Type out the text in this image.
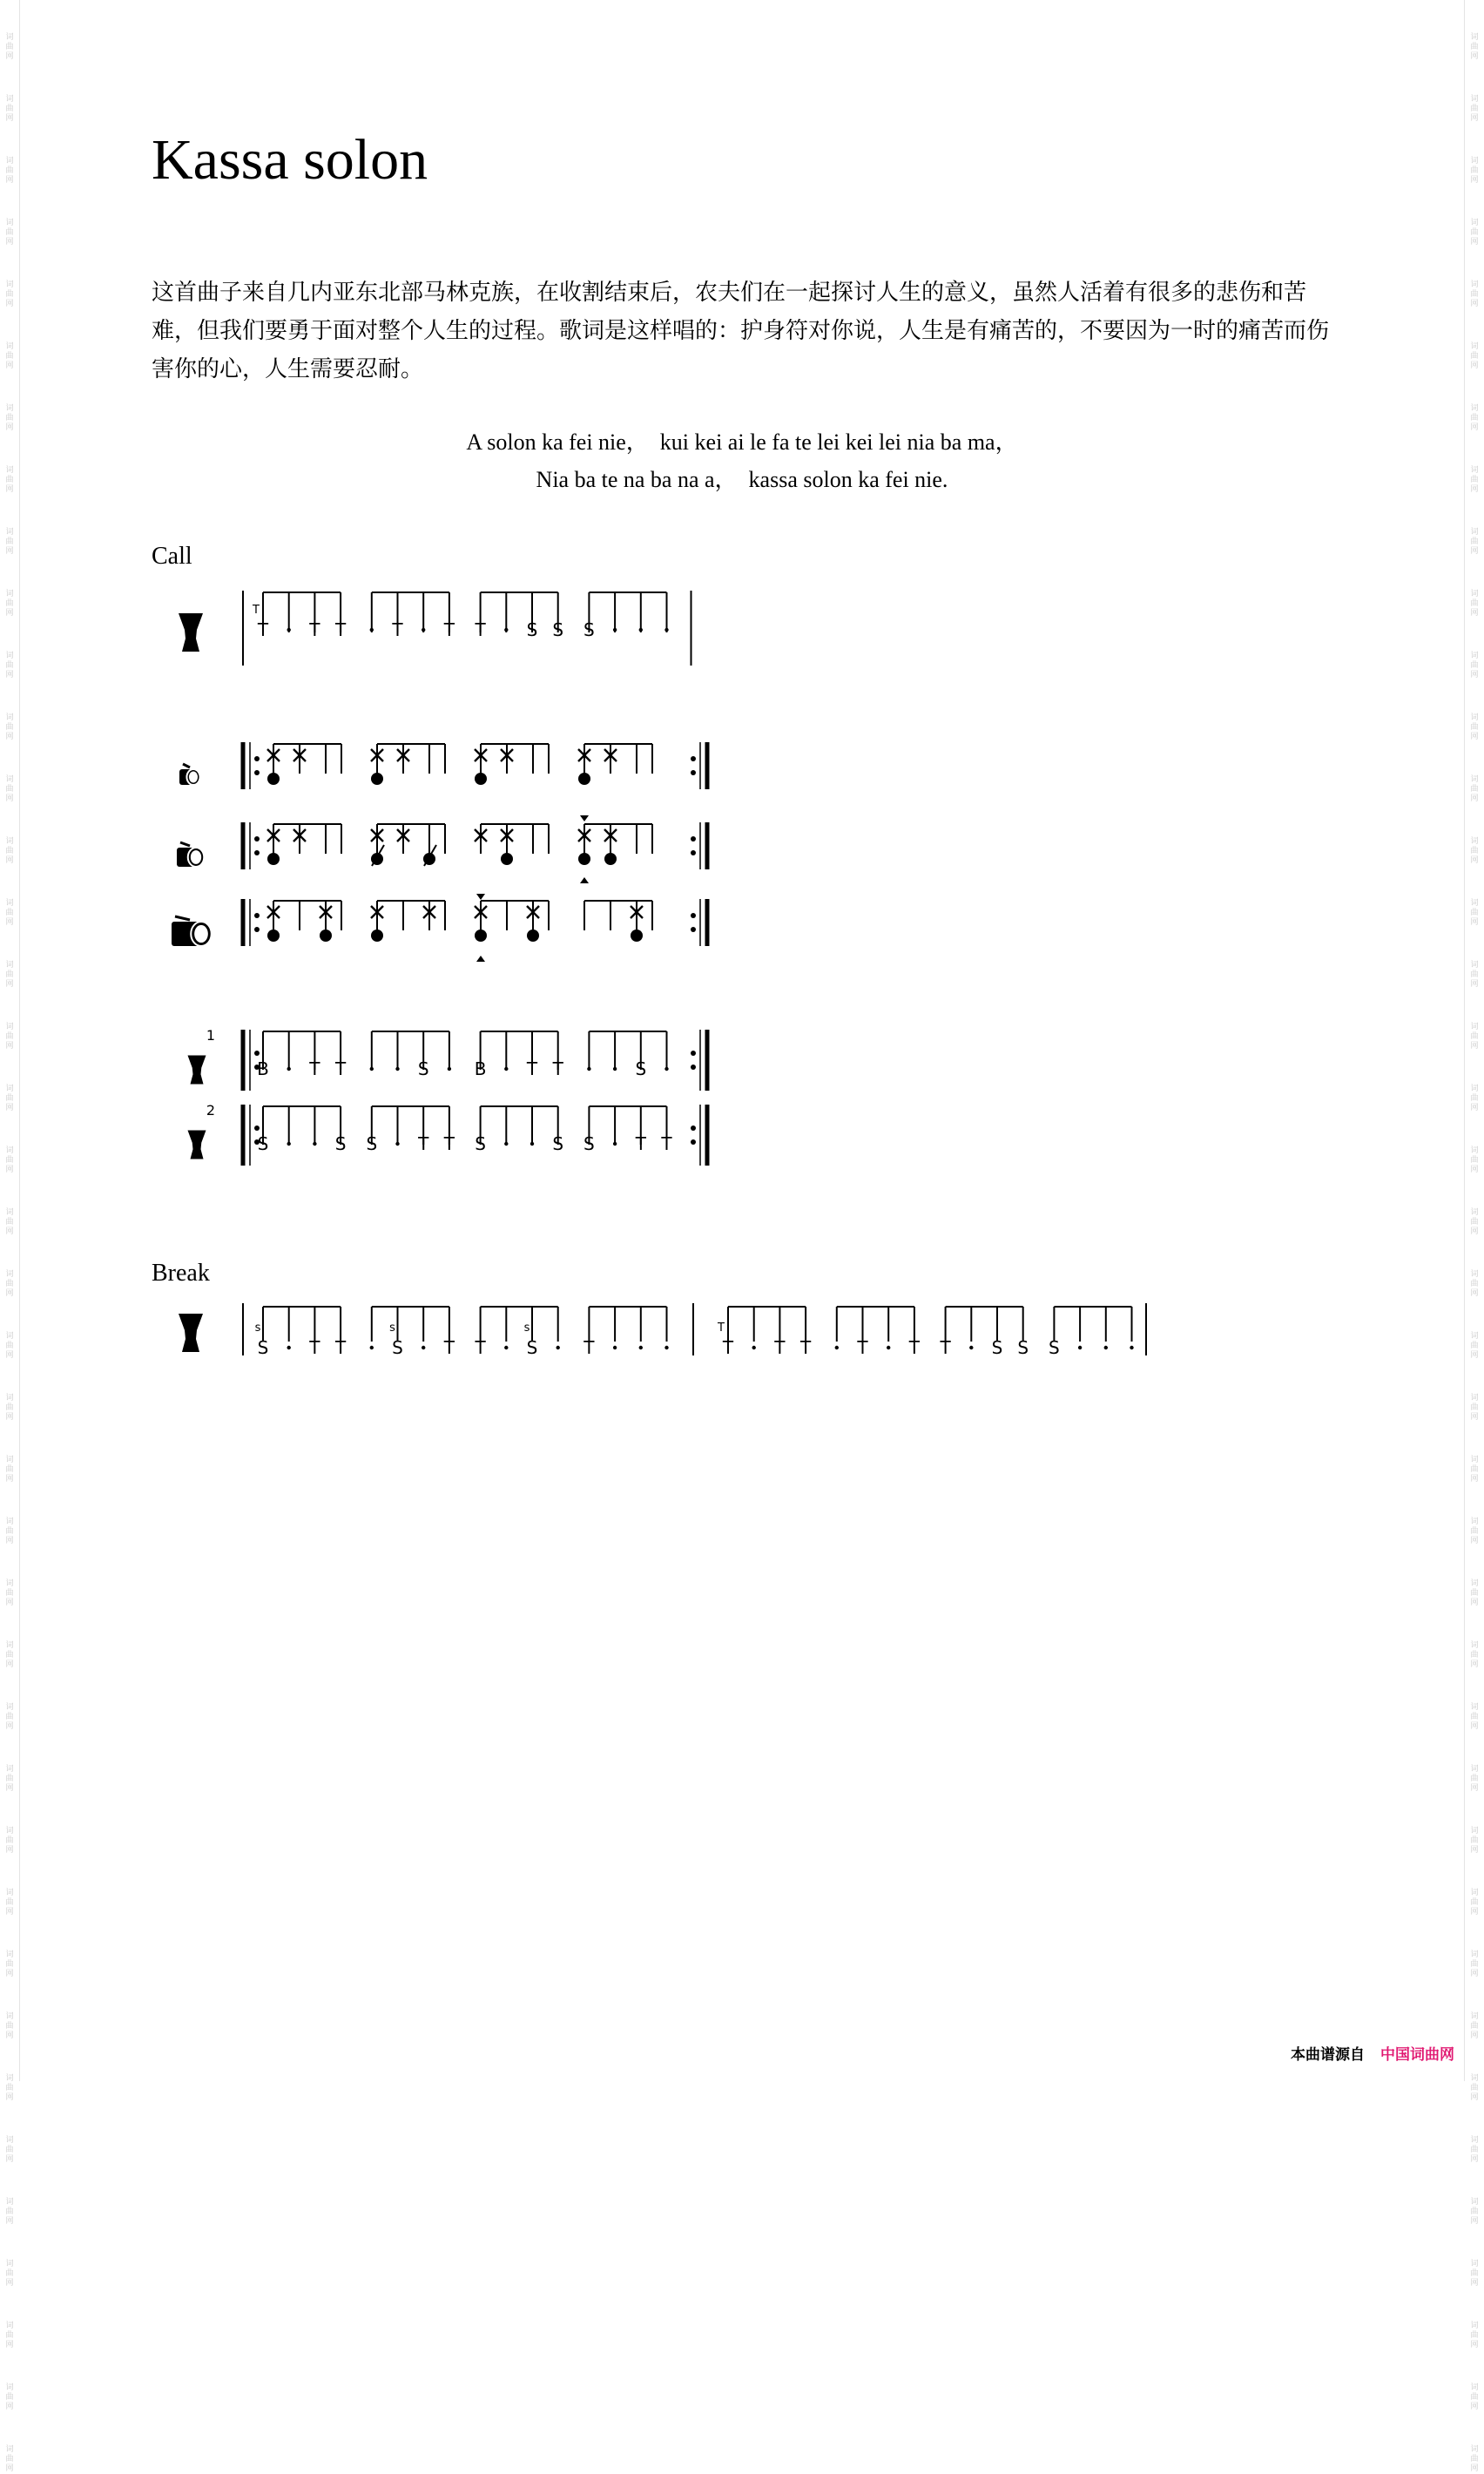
词曲网
词曲网
词曲网
词曲网
词曲网
词曲网
词曲网
词曲网
词曲网
词曲网
词曲网
词曲网
词曲网
词曲网
词曲网
词曲网
词曲网
词曲网
词曲网
词曲网
词曲网
词曲网
词曲网
词曲网
词曲网
词曲网
词曲网
词曲网
词曲网
词曲网
词曲网
词曲网
词曲网
词曲网
词曲网
词曲网
词曲网
词曲网
词曲网
词曲网
词曲网
词曲网
词曲网
词曲网
词曲网
词曲网
词曲网
词曲网
词曲网
词曲网
词曲网
词曲网
词曲网
词曲网
词曲网
词曲网
词曲网
词曲网
词曲网
词曲网
词曲网
词曲网
词曲网
词曲网
词曲网
词曲网
词曲网
词曲网
词曲网
词曲网
词曲网
词曲网
词曲网
词曲网
词曲网
词曲网
词曲网
词曲网
词曲网
词曲网
Kassa solon

这首曲子来自几内亚东北部马林克族，在收割结束后，农夫们在一起探讨人生的意义，虽然人活着有很多的悲伤和苦难，但我们要勇于面对整个人生的过程。歌词是这样唱的：护身符对你说，人生是有痛苦的，不要因为一时的痛苦而伤害你的心，人生需要忍耐。

A solon ka fei nie，　kui kei ai le fa te lei kei lei nia ba ma，
Nia ba te na ba na a，　kassa solon ka fei nie.
Call
Break
T T T	T T T S S S
T
1
B T T	S	B T T	S
2
S	S S T T S	S S T T
S T T	S T T S	T
s	s	s
T T T	T T T S S S
T
本曲谱源自 中国词曲网
